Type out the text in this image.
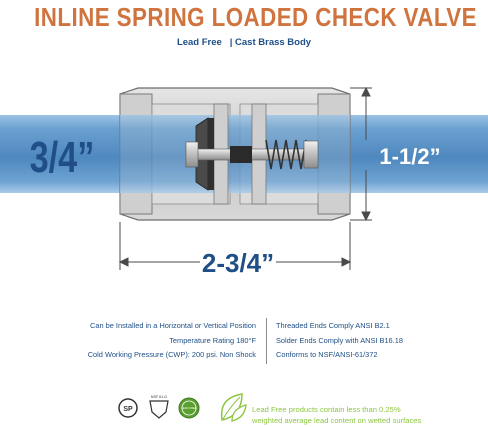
INLINE SPRING LOADED CHECK VALVE
Lead Free   | Cast Brass Body
3/4”	1-1/2”
2-3/4”
SP
NSF 61-G
LEAD FREE
Can be Installed in a Horizontal or Vertical Position
Temperature Rating 180°F
Cold Working Pressure (CWP): 200 psi. Non Shock
Threaded Ends Comply ANSI B2.1
Solder Ends Comply with ANSI B16.18
Conforms to NSF/ANSI-61/372
Lead Free products contain less than 0.25%
weighted average lead content on wetted surfaces
